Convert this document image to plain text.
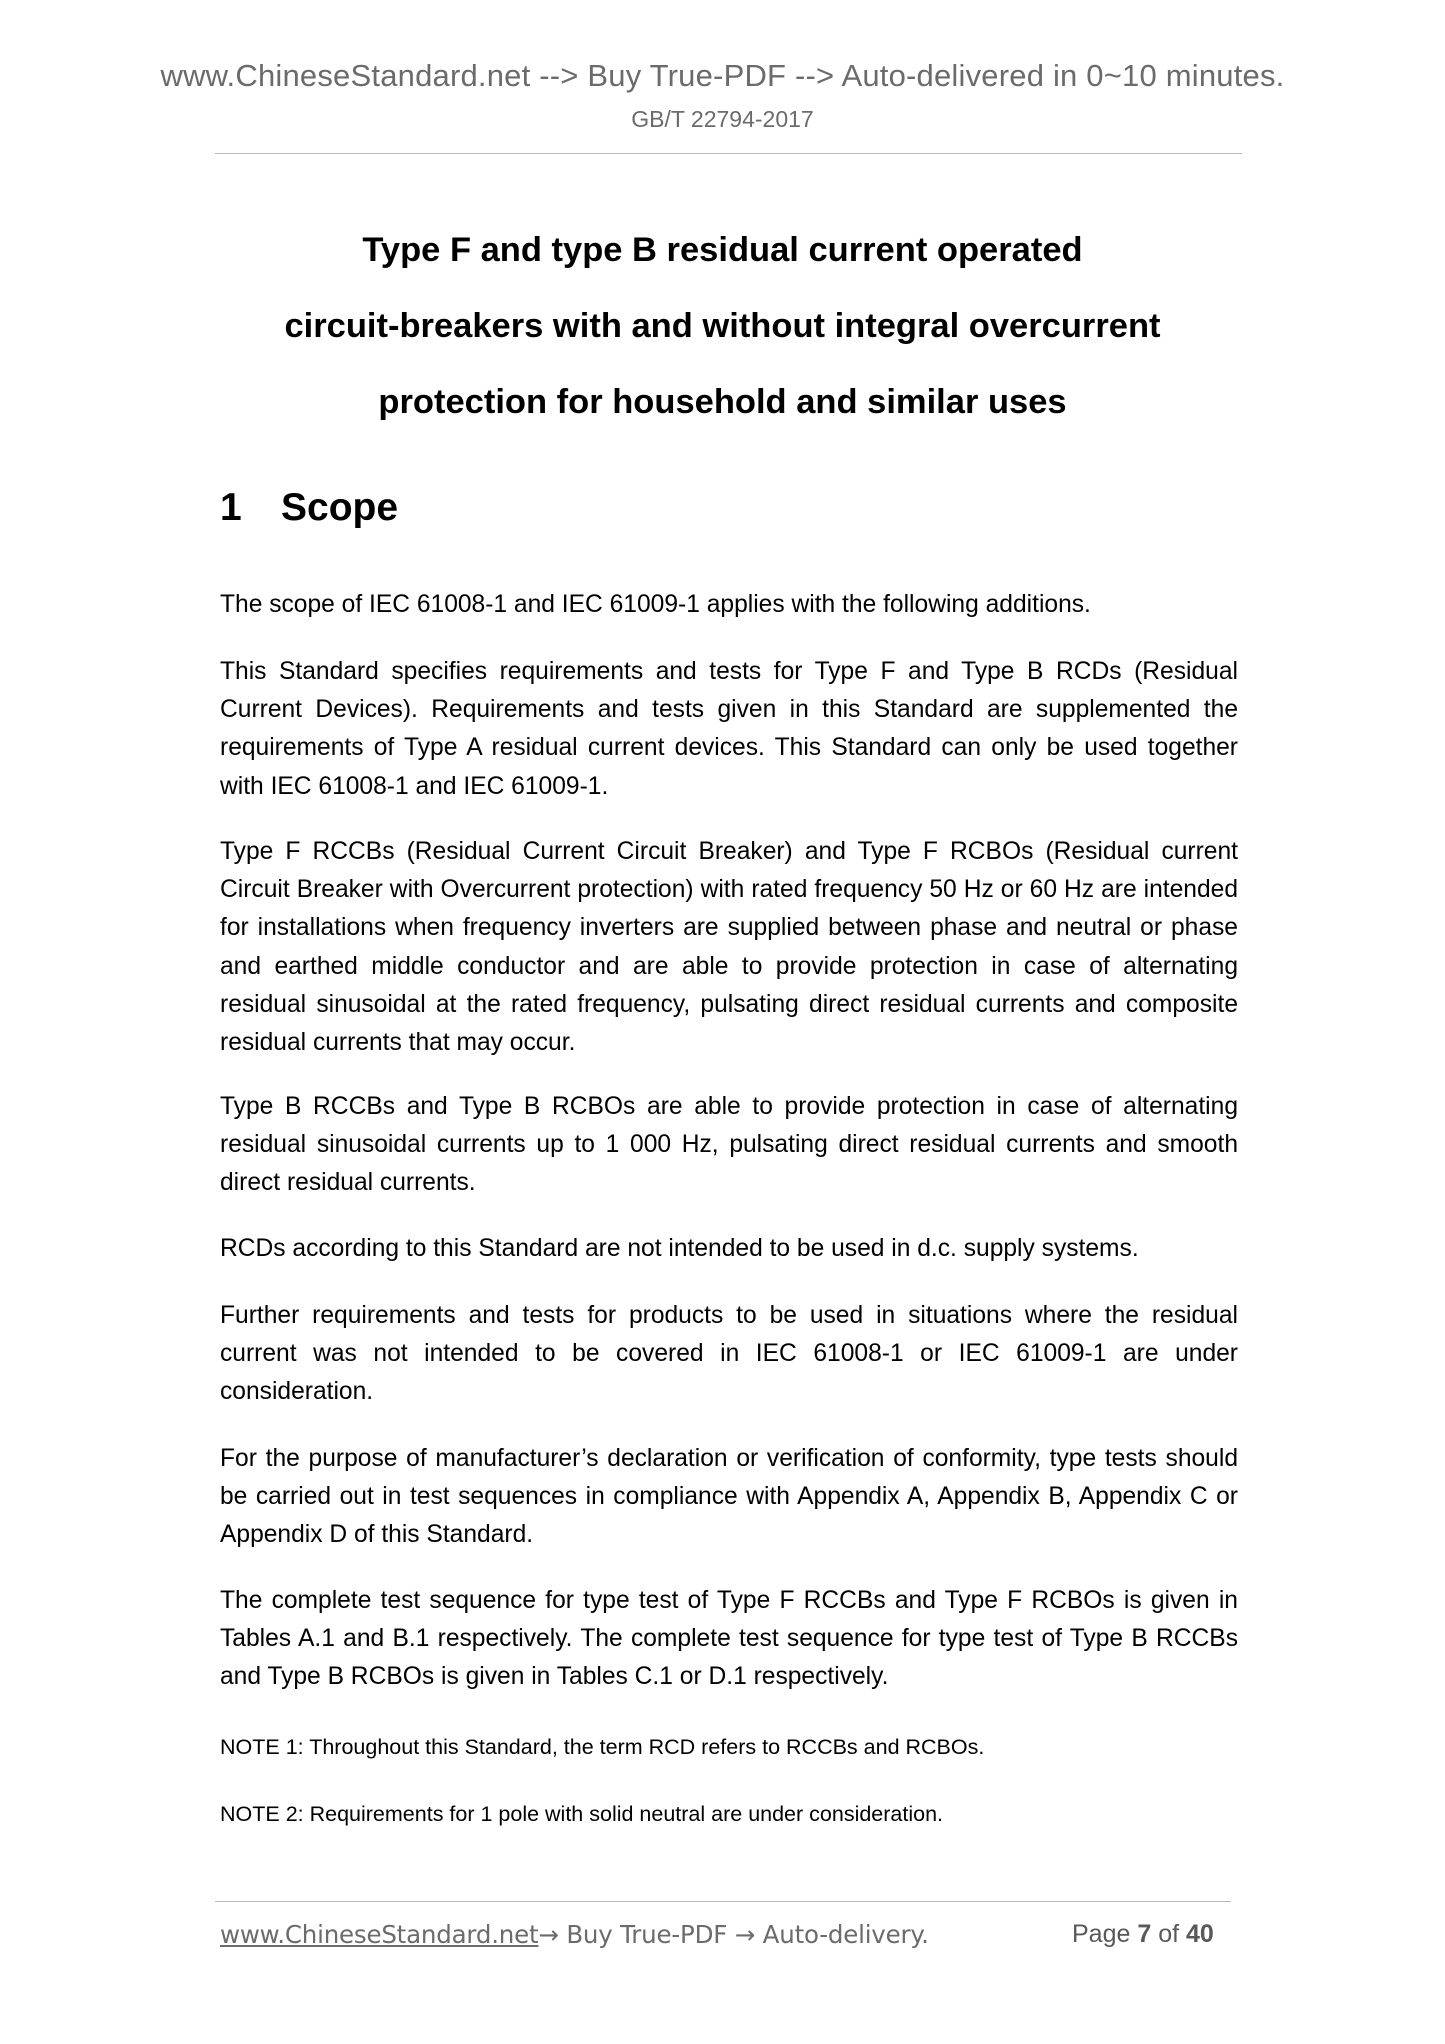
www.ChineseStandard.net --> Buy True-PDF --> Auto-delivered in 0~10 minutes.
GB/T 22794-2017
Type F and type B residual current operated
circuit-breakers with and without integral overcurrent
protection for household and similar uses
1 Scope

The scope of IEC 61008-1 and IEC 61009-1 applies with the following additions.

This Standard specifies requirements and tests for Type F and Type B RCDs (Residual Current Devices). Requirements and tests given in this Standard are supplemented the requirements of Type A residual current devices. This Standard can only be used together with IEC 61008-1 and IEC 61009-1.

Type F RCCBs (Residual Current Circuit Breaker) and Type F RCBOs (Residual current Circuit Breaker with Overcurrent protection) with rated frequency 50 Hz or 60 Hz are intended for installations when frequency inverters are supplied between phase and neutral or phase and earthed middle conductor and are able to provide protection in case of alternating residual sinusoidal at the rated frequency, pulsating direct residual currents and composite residual currents that may occur.

Type B RCCBs and Type B RCBOs are able to provide protection in case of alternating residual sinusoidal currents up to 1 000 Hz, pulsating direct residual currents and smooth direct residual currents.

RCDs according to this Standard are not intended to be used in d.c. supply systems.

Further requirements and tests for products to be used in situations where the residual current was not intended to be covered in IEC 61008-1 or IEC 61009-1 are under consideration.

For the purpose of manufacturer’s declaration or verification of conformity, type tests should be carried out in test sequences in compliance with Appendix A, Appendix B, Appendix C or Appendix D of this Standard.

The complete test sequence for type test of Type F RCCBs and Type F RCBOs is given in Tables A.1 and B.1 respectively. The complete test sequence for type test of Type B RCCBs and Type B RCBOs is given in Tables C.1 or D.1 respectively.

NOTE 1: Throughout this Standard, the term RCD refers to RCCBs and RCBOs.
NOTE 2: Requirements for 1 pole with solid neutral are under consideration.
www.ChineseStandard.net→ Buy True-PDF → Auto-delivery.	Page 7 of 40
